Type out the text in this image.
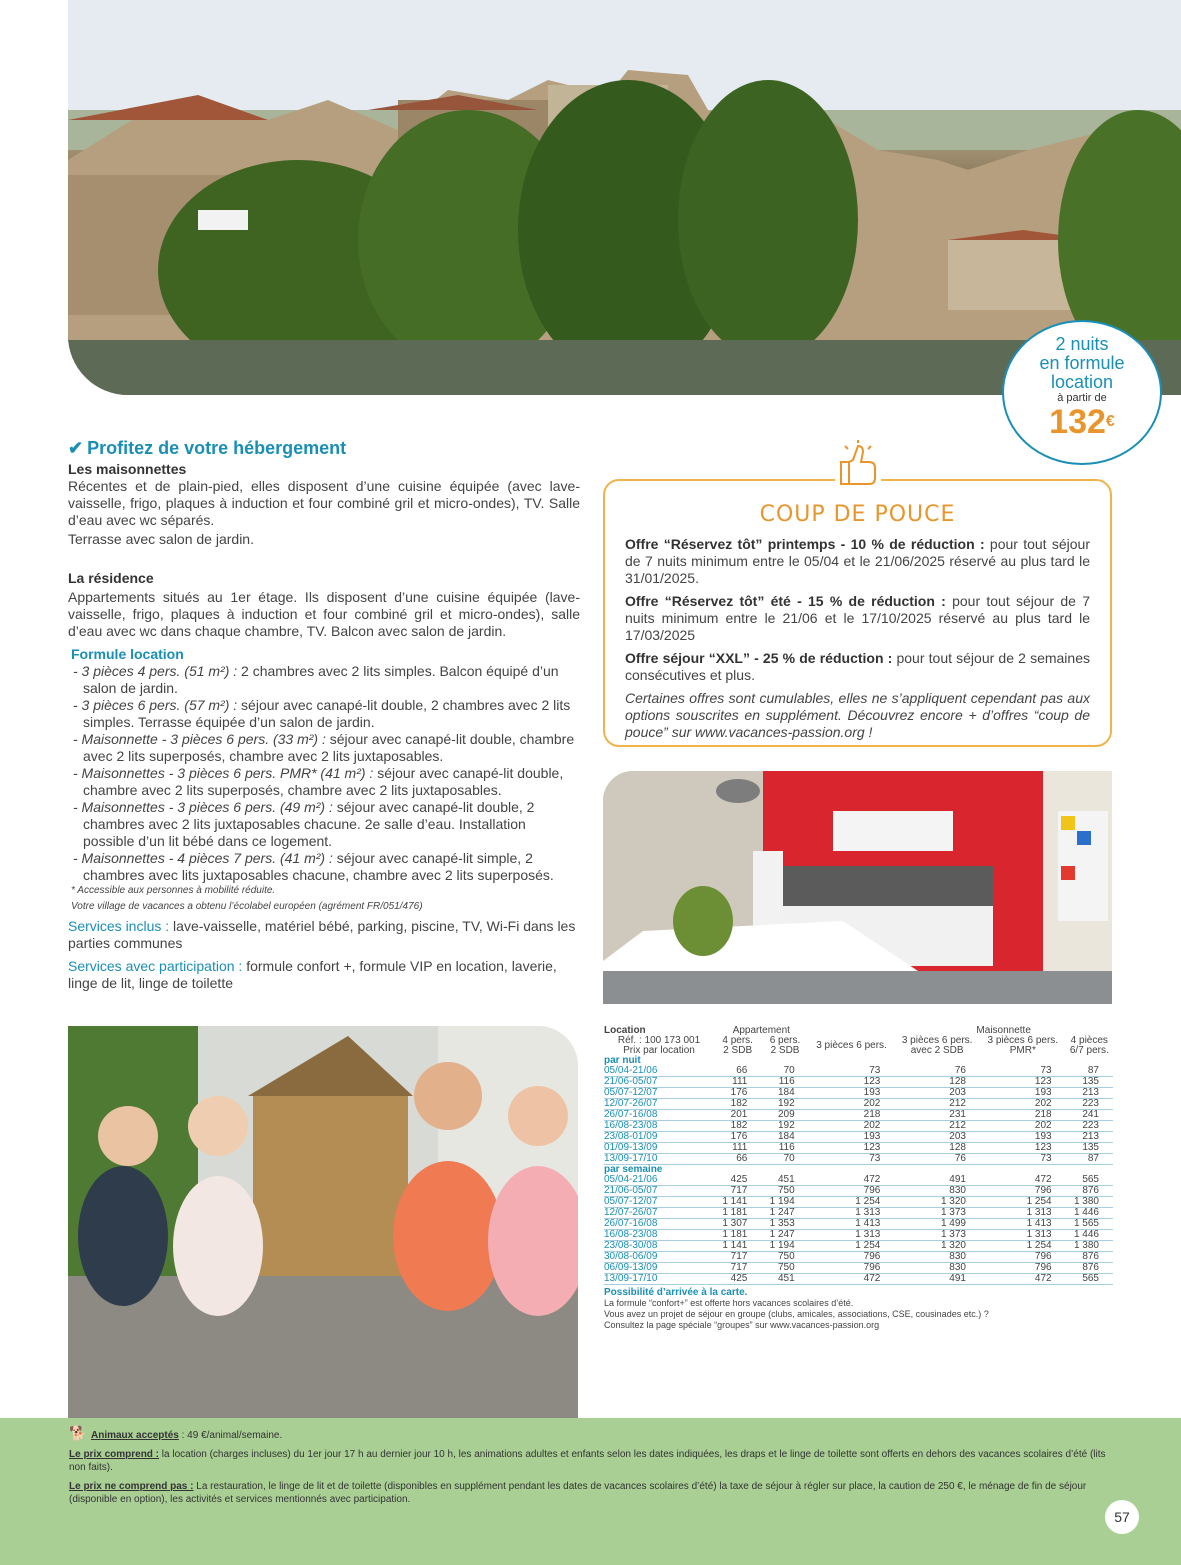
2 nuits
en formule
location
à partir de
132€
✔ Profitez de votre hébergement
Les maisonnettes
Récentes et de plain-pied, elles disposent d’une cuisine équipée (avec lave-vaisselle, frigo, plaques à induction et four combiné gril et micro-ondes), TV. Salle d’eau avec wc séparés.
Terrasse avec salon de jardin.
La résidence
Appartements situés au 1er étage. Ils disposent d’une cuisine équipée (lave-vaisselle, frigo, plaques à induction et four combiné gril et micro-ondes), salle d’eau avec wc dans chaque chambre, TV. Balcon avec salon de jardin.
Formule location
- 3 pièces 4 pers. (51 m²) : 2 chambres avec 2 lits simples. Balcon équipé d’un salon de jardin.
- 3 pièces 6 pers. (57 m²) : séjour avec canapé-lit double, 2 chambres avec 2 lits simples. Terrasse équipée d’un salon de jardin.
- Maisonnette - 3 pièces 6 pers. (33 m²) : séjour avec canapé-lit double, chambre avec 2 lits superposés, chambre avec 2 lits juxtaposables.
- Maisonnettes - 3 pièces 6 pers. PMR* (41 m²) : séjour avec canapé-lit double, chambre avec 2 lits superposés, chambre avec 2 lits juxtaposables.
- Maisonnettes - 3 pièces 6 pers. (49 m²) : séjour avec canapé-lit double, 2 chambres avec 2 lits juxtaposables chacune. 2e salle d’eau. Installation possible d’un lit bébé dans ce logement.
- Maisonnettes - 4 pièces 7 pers. (41 m²) : séjour avec canapé-lit simple, 2 chambres avec lits juxtaposables chacune, chambre avec 2 lits superposés.
* Accessible aux personnes à mobilité réduite.
Votre village de vacances a obtenu l’écolabel européen (agrément FR/051/476)
Services inclus : lave-vaisselle, matériel bébé, parking, piscine, TV, Wi-Fi dans les parties communes
Services avec participation : formule confort +, formule VIP en location, laverie, linge de lit, linge de toilette
COUP DE POUCE

Offre “Réservez tôt” printemps - 10 % de réduction : pour tout séjour de 7 nuits minimum entre le 05/04 et le 21/06/2025 réservé au plus tard le 31/01/2025.

Offre “Réservez tôt” été - 15 % de réduction : pour tout séjour de 7 nuits minimum entre le 21/06 et le 17/10/2025 réservé au plus tard le 17/03/2025

Offre séjour “XXL” - 25 % de réduction : pour tout séjour de 2 semaines consécutives et plus.

Certaines offres sont cumulables, elles ne s’appliquent cependant pas aux options souscrites en supplément. Découvrez encore + d’offres “coup de pouce” sur www.vacances-passion.org !

Location	Appartement			Maisonnette		
Réf. : 100 173 001	4 pers.	6 pers.	3 pièces 6 pers.	3 pièces 6 pers.	3 pièces 6 pers.	4 pièces
Prix par location	2 SDB	2 SDB		avec 2 SDB	PMR*	6/7 pers.
par nuit						
05/04-21/06	66	70	73	76	73	87
21/06-05/07	111	116	123	128	123	135
05/07-12/07	176	184	193	203	193	213
12/07-26/07	182	192	202	212	202	223
26/07-16/08	201	209	218	231	218	241
16/08-23/08	182	192	202	212	202	223
23/08-01/09	176	184	193	203	193	213
01/09-13/09	111	116	123	128	123	135
13/09-17/10	66	70	73	76	73	87
par semaine						
05/04-21/06	425	451	472	491	472	565
21/06-05/07	717	750	796	830	796	876
05/07-12/07	1 141	1 194	1 254	1 320	1 254	1 380
12/07-26/07	1 181	1 247	1 313	1 373	1 313	1 446
26/07-16/08	1 307	1 353	1 413	1 499	1 413	1 565
16/08-23/08	1 181	1 247	1 313	1 373	1 313	1 446
23/08-30/08	1 141	1 194	1 254	1 320	1 254	1 380
30/08-06/09	717	750	796	830	796	876
06/09-13/09	717	750	796	830	796	876
13/09-17/10	425	451	472	491	472	565
Possibilité d’arrivée à la carte.
La formule “confort+” est offerte hors vacances scolaires d’été.
Vous avez un projet de séjour en groupe (clubs, amicales, associations, CSE, cousinades etc.) ?
Consultez la page spéciale “groupes” sur www.vacances-passion.org
🐕 Animaux acceptés : 49 €/animal/semaine.
Le prix comprend : la location (charges incluses) du 1er jour 17 h au dernier jour 10 h, les animations adultes et enfants selon les dates indiquées, les draps et le linge de toilette sont offerts en dehors des vacances scolaires d’été (lits non faits).
Le prix ne comprend pas : La restauration, le linge de lit et de toilette (disponibles en supplément pendant les dates de vacances scolaires d’été) la taxe de séjour à régler sur place, la caution de 250 €, le ménage de fin de séjour (disponible en option), les activités et services mentionnés avec participation.
57
